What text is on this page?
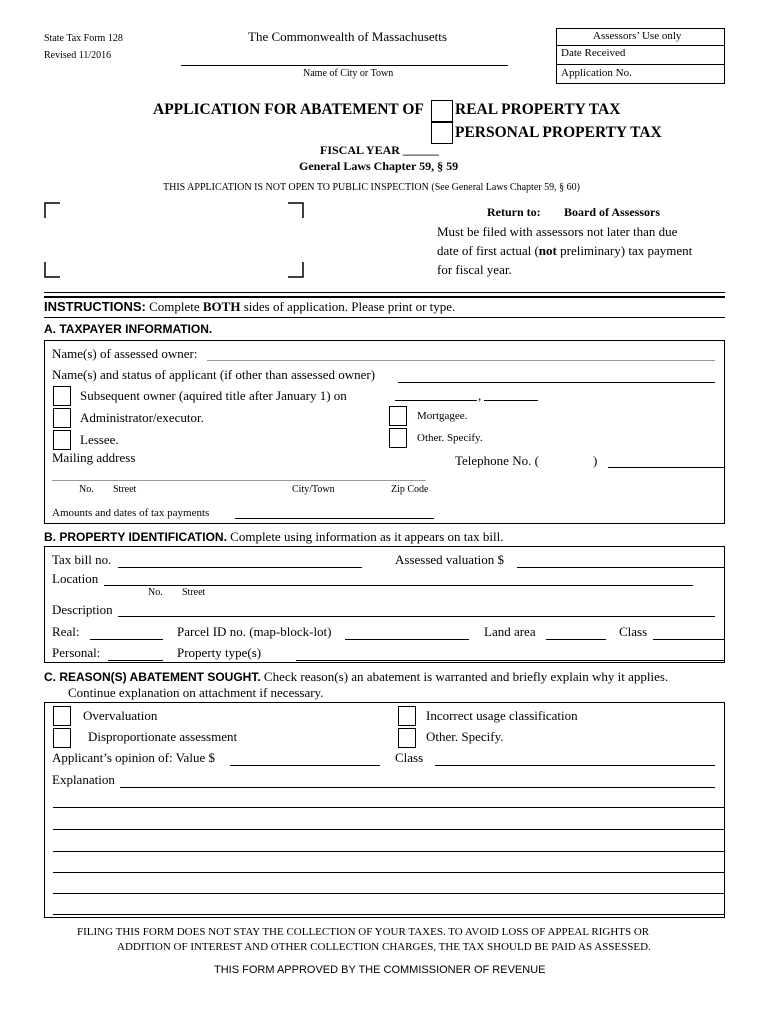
State Tax Form 128
Revised 11/2016
The Commonwealth of Massachusetts
Name of City or Town
Assessors’ Use only
Date Received
Application No.
APPLICATION FOR ABATEMENT OF REAL PROPERTY TAX
PERSONAL PROPERTY TAX
FISCAL YEAR ______
General Laws Chapter 59, § 59
THIS APPLICATION IS NOT OPEN TO PUBLIC INSPECTION (See General Laws Chapter 59, § 60)
Return to: Board of Assessors
Must be filed with assessors not later than due
date of first actual (not preliminary) tax payment
for fiscal year.
INSTRUCTIONS: Complete BOTH sides of application. Please print or type.
A. TAXPAYER INFORMATION.
Name(s) of assessed owner:
Name(s) and status of applicant (if other than assessed owner)
Subsequent owner (aquired title after January 1) on	,
Administrator/executor.	Mortgagee.
Lessee.	Other. Specify.
Mailing address	Telephone No. (	)
No. Street	City/Town	Zip Code
Amounts and dates of tax payments
B. PROPERTY IDENTIFICATION. Complete using information as it appears on tax bill.
Tax bill no.	Assessed valuation $
Location
No. Street
Description
Real:	Parcel ID no. (map-block-lot)	Land area	Class
Personal:	Property type(s)
C. REASON(S) ABATEMENT SOUGHT. Check reason(s) an abatement is warranted and briefly explain why it applies.
Continue explanation on attachment if necessary.
Overvaluation	Incorrect usage classification
Disproportionate assessment	Other. Specify.
Applicant’s opinion of: Value $	Class
Explanation
FILING THIS FORM DOES NOT STAY THE COLLECTION OF YOUR TAXES. TO AVOID LOSS OF APPEAL RIGHTS OR
ADDITION OF INTEREST AND OTHER COLLECTION CHARGES, THE TAX SHOULD BE PAID AS ASSESSED.
THIS FORM APPROVED BY THE COMMISSIONER OF REVENUE
